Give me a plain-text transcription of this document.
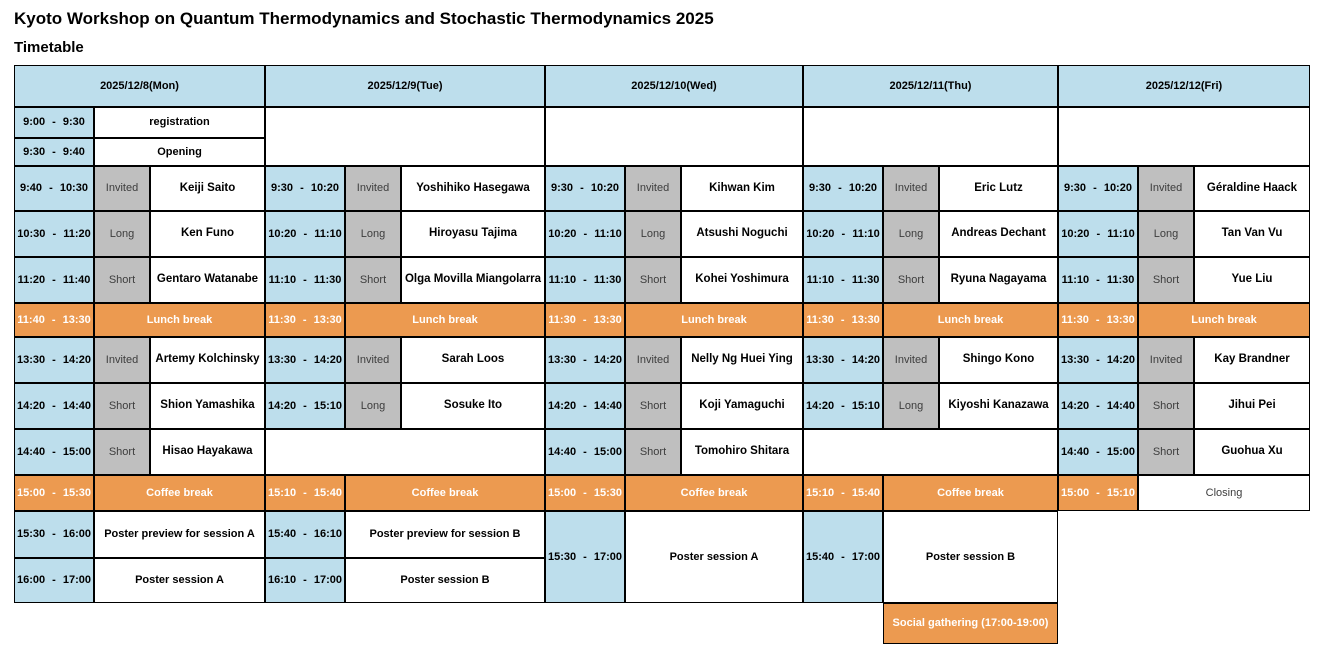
Kyoto Workshop on Quantum Thermodynamics and Stochastic Thermodynamics 2025
Timetable
2025/12/8(Mon)
9:00 - 9:30	registration
9:30 - 9:40	Opening
9:40 - 10:30	Invited	Keiji Saito
10:30 - 11:20	Long	Ken Funo
11:20 - 11:40	Short	Gentaro Watanabe
11:40 - 13:30	Lunch break
13:30 - 14:20	Invited	Artemy Kolchinsky
14:20 - 14:40	Short	Shion Yamashika
14:40 - 15:00	Short	Hisao Hayakawa
15:00 - 15:30	Coffee break
15:30 - 16:00	Poster preview for session A
16:00 - 17:00	Poster session A
2025/12/9(Tue)
9:30 - 10:20	Invited	Yoshihiko Hasegawa
10:20 - 11:10	Long	Hiroyasu Tajima
11:10 - 11:30	Short	Olga Movilla Miangolarra
11:30 - 13:30	Lunch break
13:30 - 14:20	Invited	Sarah Loos
14:20 - 15:10	Long	Sosuke Ito
15:10 - 15:40	Coffee break
15:40 - 16:10	Poster preview for session B
16:10 - 17:00	Poster session B
2025/12/10(Wed)
9:30 - 10:20	Invited	Kihwan Kim
10:20 - 11:10	Long	Atsushi Noguchi
11:10 - 11:30	Short	Kohei Yoshimura
11:30 - 13:30	Lunch break
13:30 - 14:20	Invited	Nelly Ng Huei Ying
14:20 - 14:40	Short	Koji Yamaguchi
14:40 - 15:00	Short	Tomohiro Shitara
15:00 - 15:30	Coffee break
15:30 - 17:00	Poster session A
2025/12/11(Thu)
9:30 - 10:20	Invited	Eric Lutz
10:20 - 11:10	Long	Andreas Dechant
11:10 - 11:30	Short	Ryuna Nagayama
11:30 - 13:30	Lunch break
13:30 - 14:20	Invited	Shingo Kono
14:20 - 15:10	Long	Kiyoshi Kanazawa
15:10 - 15:40	Coffee break
15:40 - 17:00	Poster session B
Social gathering (17:00-19:00)
2025/12/12(Fri)
9:30 - 10:20	Invited	Géraldine Haack
10:20 - 11:10	Long	Tan Van Vu
11:10 - 11:30	Short	Yue Liu
11:30 - 13:30	Lunch break
13:30 - 14:20	Invited	Kay Brandner
14:20 - 14:40	Short	Jihui Pei
14:40 - 15:00	Short	Guohua Xu
15:00 - 15:10	Closing
